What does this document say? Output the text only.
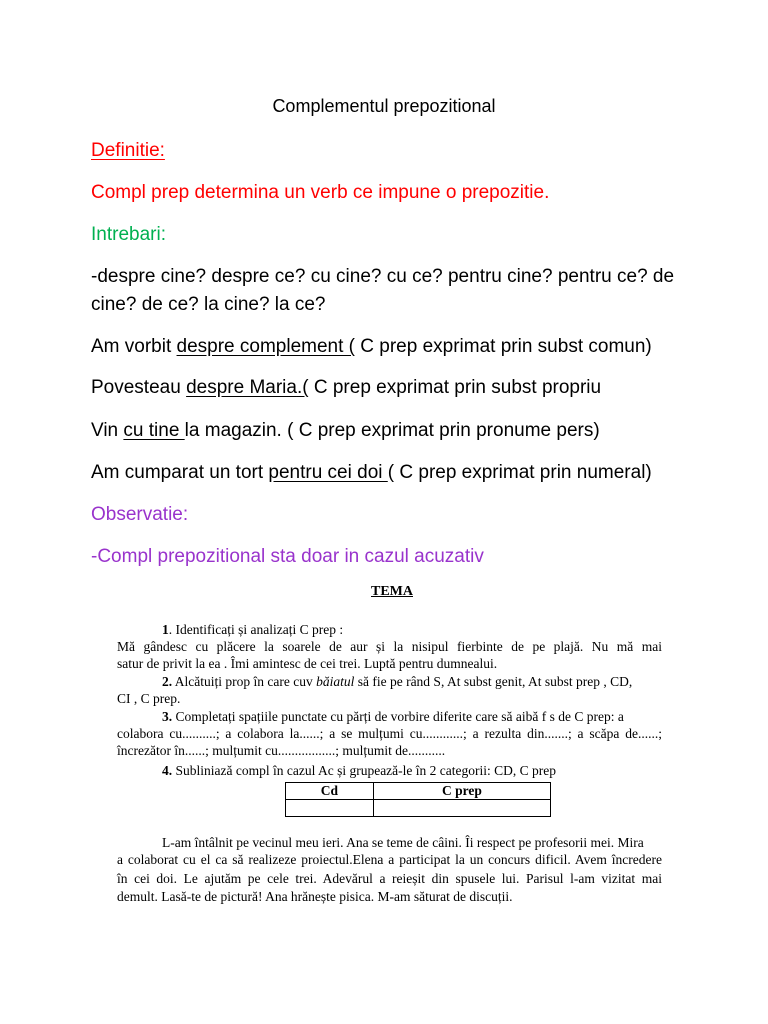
Complementul prepozitional
Definitie:
Compl prep determina un verb ce impune o prepozitie.
Intrebari:
-despre cine? despre ce? cu cine? cu ce? pentru cine? pentru ce? de
cine? de ce? la cine? la ce?
Am vorbit despre complement ( C prep exprimat prin subst comun)
Povesteau despre Maria.( C prep exprimat prin subst propriu
Vin cu tine la magazin. ( C prep exprimat prin pronume pers)
Am cumparat un tort pentru cei doi ( C prep exprimat prin numeral)
Observatie:
-Compl prepozitional sta doar in cazul acuzativ
TEMA
1. Identificați și analizați C prep :
Mă gândesc cu plăcere la soarele de aur și la nisipul fierbinte de pe plajă. Nu mă mai
satur de privit la ea . Îmi amintesc de cei trei. Luptă pentru dumnealui.
2. Alcătuiți prop în care cuv băiatul să fie pe rând S, At subst genit, At subst prep , CD,
CI , C prep.
3. Completați spațiile punctate cu părți de vorbire diferite care să aibă f s de C prep: a
colabora cu..........; a colabora la......; a se mulțumi cu............; a rezulta din.......; a scăpa de......;
încrezător în......; mulțumit cu.................; mulțumit de...........
4. Subliniază compl în cazul Ac și grupează-le în 2 categorii: CD, C prep
Cd	C prep

L-am întâlnit pe vecinul meu ieri. Ana se teme de câini. Îi respect pe profesorii mei. Mira
a colaborat cu el ca să realizeze proiectul.Elena a participat la un concurs dificil. Avem încredere
în cei doi. Le ajutăm pe cele trei. Adevărul a reieșit din spusele lui. Parisul l-am vizitat mai
demult. Lasă-te de pictură! Ana hrănește pisica. M-am săturat de discuții.
